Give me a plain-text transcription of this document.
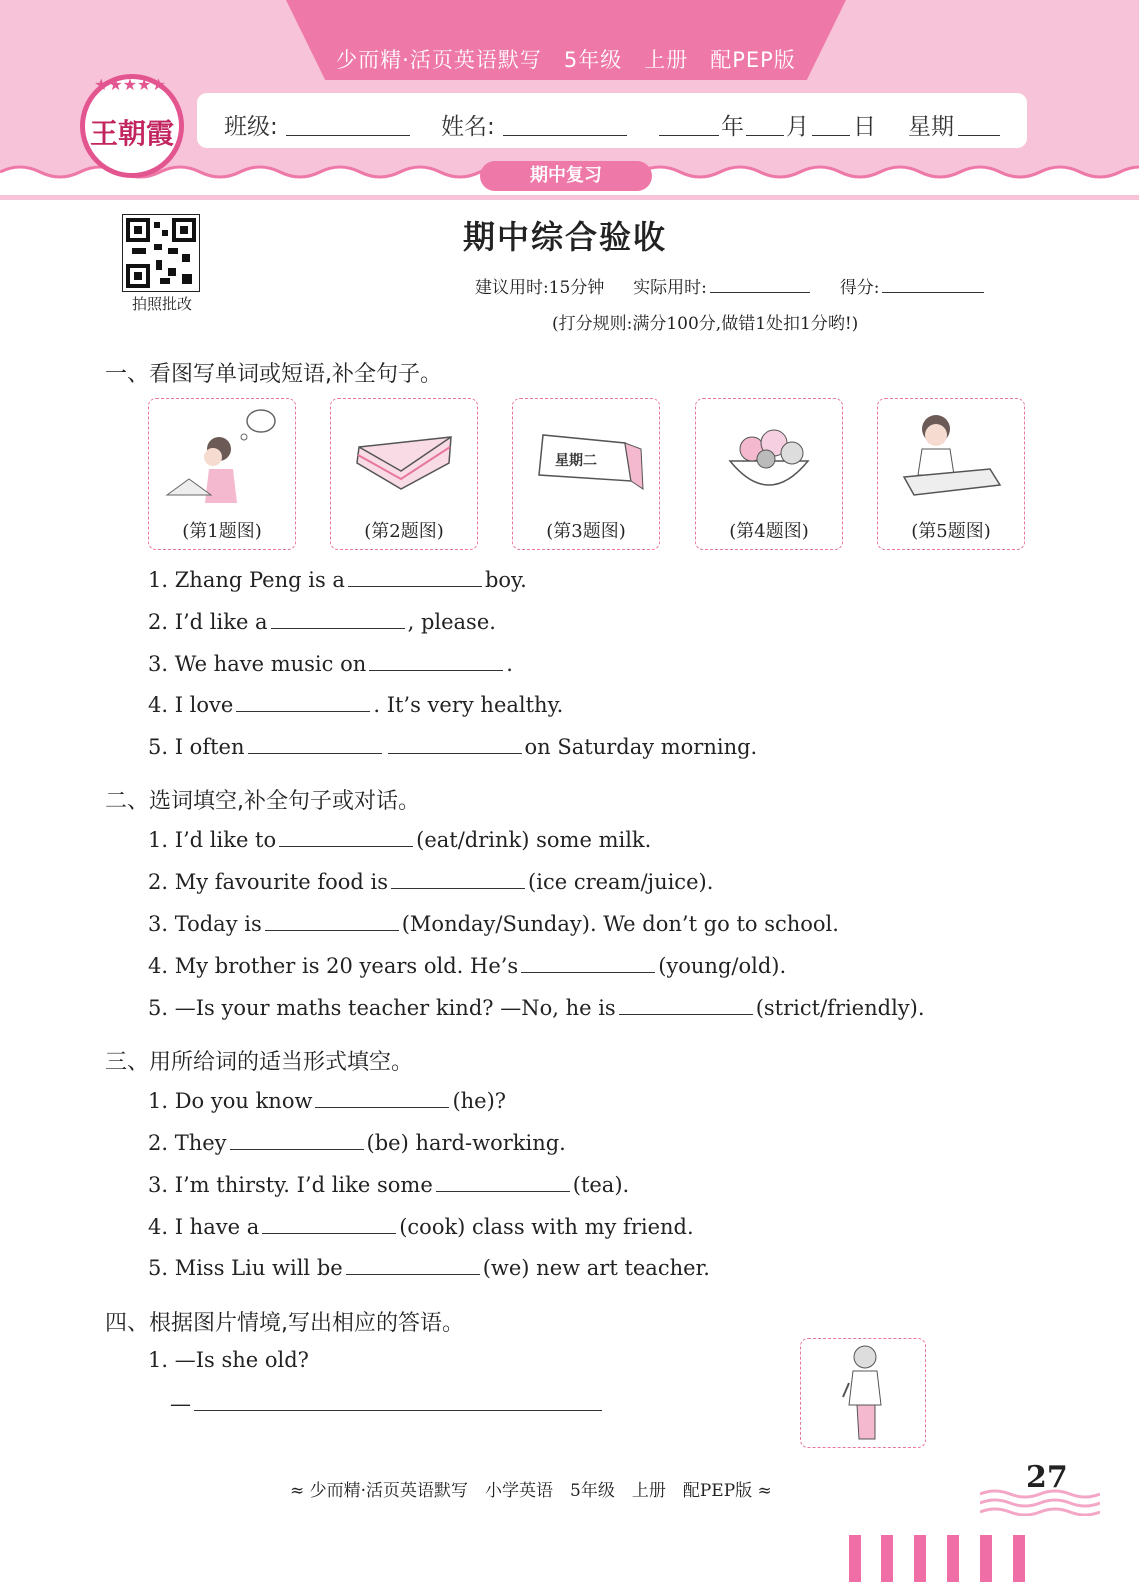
少而精·活页英语默写　5年级　上册　配PEP版
班级:	姓名:	年 月 日 星期
期中复习
★★★★★
王朝霞
拍照批改
期中综合验收
建议用时:15分钟 实际用时:	得分:
(打分规则:满分100分,做错1处扣1分哟!)
一、看图写单词或短语,补全句子。
(第1题图)	(第2题图)
星期二
(第3题图)	(第4题图)	(第5题图)
1. Zhang Peng is a	boy.
2. I’d like a	, please.
3. We have music on	.
4. I love	. It’s very healthy.
5. I often	on Saturday morning.
二、选词填空,补全句子或对话。
1. I’d like to	(eat/drink) some milk.
2. My favourite food is	(ice cream/juice).
3. Today is	(Monday/Sunday). We don’t go to school.
4. My brother is 20 years old. He’s	(young/old).
5. —Is your maths teacher kind? —No, he is	(strict/friendly).
三、用所给词的适当形式填空。
1. Do you know	(he)?
2. They	(be) hard-working.
3. I’m thirsty. I’d like some	(tea).
4. I have a	(cook) class with my friend.
5. Miss Liu will be	(we) new art teacher.
四、根据图片情境,写出相应的答语。
1. —Is she old?
—
≈ 少而精·活页英语默写　小学英语　5年级　上册　配PEP版 ≈	27
